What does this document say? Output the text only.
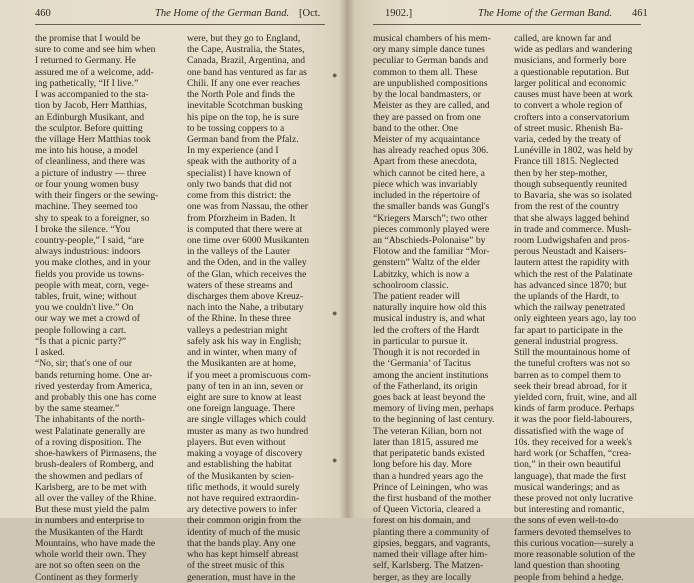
460	The Home of the German Band. [Oct.
the promise that I would be
sure to come and see him when
I returned to Germany. He
assured me of a welcome, add-
ing pathetically, “If I live.”
I was accompanied to the sta-
tion by Jacob, Herr Matthias,
an Edinburgh Musikant, and
the sculptor. Before quitting
the village Herr Matthias took
me into his house, a model
of cleanliness, and there was
a picture of industry — three
or four young women busy
with their fingers or the sewing-
machine. They seemed too
shy to speak to a foreigner, so
I broke the silence. “You
country-people,” I said, “are
always industrious: indoors
you make clothes, and in your
fields you provide us towns-
people with meat, corn, vege-
tables, fruit, wine; without
you we couldn't live.” On
our way we met a crowd of
people following a cart.
“Is that a picnic party?”
I asked.
“No, sir; that's one of our
bands returning home. One ar-
rived yesterday from America,
and probably this one has come
by the same steamer.”
The inhabitants of the north-
west Palatinate generally are
of a roving disposition. The
shoe-hawkers of Pirmasens, the
brush-dealers of Romberg, and
the showmen and pedlars of
Karlsberg, are to be met with
all over the valley of the Rhine.
But these must yield the palm
in numbers and enterprise to
the Musikanten of the Hardt
Mountains, who have made the
whole world their own. They
are not so often seen on the
Continent as they formerly
were, but they go to England,
the Cape, Australia, the States,
Canada, Brazil, Argentina, and
one band has ventured as far as
Chili. If any one ever reaches
the North Pole and finds the
inevitable Scotchman busking
his pipe on the top, he is sure
to be tossing coppers to a
German band from the Pfalz.
In my experience (and I
speak with the authority of a
specialist) I have known of
only two bands that did not
come from this district: the
one was from Nassau, the other
from Pforzheim in Baden. It
is computed that there were at
one time over 6000 Musikanten
in the valleys of the Lauter
and the Oden, and in the valley
of the Glan, which receives the
waters of these streams and
discharges them above Kreuz-
nach into the Nahe, a tributary
of the Rhine. In these three
valleys a pedestrian might
safely ask his way in English;
and in winter, when many of
the Musikanten are at home,
if you meet a promiscuous com-
pany of ten in an inn, seven or
eight are sure to know at least
one foreign language. There
are single villages which could
muster as many as two hundred
players. But even without
making a voyage of discovery
and establishing the habitat
of the Musikanten by scien-
tific methods, it would surely
not have required extraordin-
ary detective powers to infer
their common origin from the
identity of much of the music
that the bands play. Any one
who has kept himself abreast
of the street music of this
generation, must have in the
1902.]	The Home of the German Band. 461
musical chambers of his mem-
ory many simple dance tunes
peculiar to German bands and
common to them all. These
are unpublished compositions
by the local bandmasters, or
Meister as they are called, and
they are passed on from one
band to the other. One
Meister of my acquaintance
has already reached opus 306.
Apart from these anecdota,
which cannot be cited here, a
piece which was invariably
included in the répertoire of
the smaller bands was Gungl's
“Kriegers Marsch”; two other
pieces commonly played were
an “Abschieds-Polonaise” by
Flotow and the familiar “Mor-
genstern” Waltz of the elder
Labitzky, which is now a
schoolroom classic.
The patient reader will
naturally inquire how old this
musical industry is, and what
led the crofters of the Hardt
in particular to pursue it.
Though it is not recorded in
the ‘Germania’ of Tacitus
among the ancient institutions
of the Fatherland, its origin
goes back at least beyond the
memory of living men, perhaps
to the beginning of last century.
The veteran Kilian, born not
later than 1815, assured me
that peripatetic bands existed
long before his day. More
than a hundred years ago the
Prince of Leiningen, who was
the first husband of the mother
of Queen Victoria, cleared a
forest on his domain, and
planting there a community of
gipsies, beggars, and vagrants,
named their village after him-
self, Karlsberg. The Matzen-
berger, as they are locally
called, are known far and
wide as pedlars and wandering
musicians, and formerly bore
a questionable reputation. But
larger political and economic
causes must have been at work
to convert a whole region of
crofters into a conservatorium
of street music. Rhenish Ba-
varia, ceded by the treaty of
Lunéville in 1802, was held by
France till 1815. Neglected
then by her step-mother,
though subsequently reunited
to Bavaria, she was so isolated
from the rest of the country
that she always lagged behind
in trade and commerce. Mush-
room Ludwigshafen and pros-
perous Neustadt and Kaisers-
lautern attest the rapidity with
which the rest of the Palatinate
has advanced since 1870; but
the uplands of the Hardt, to
which the railway penetrated
only eighteen years ago, lay too
far apart to participate in the
general industrial progress.
Still the mountainous home of
the tuneful crofters was not so
barren as to compel them to
seek their bread abroad, for it
yielded corn, fruit, wine, and all
kinds of farm produce. Perhaps
it was the poor field-labourers,
dissatisfied with the wage of
10s. they received for a week's
hard work (or Schaffen, “crea-
tion,” in their own beautiful
language), that made the first
musical wanderings; and as
these proved not only lucrative
but interesting and romantic,
the sons of even well-to-do
farmers devoted themselves to
this curious vocation—surely a
more reasonable solution of the
land question than shooting
people from behind a hedge.
●
●
●
